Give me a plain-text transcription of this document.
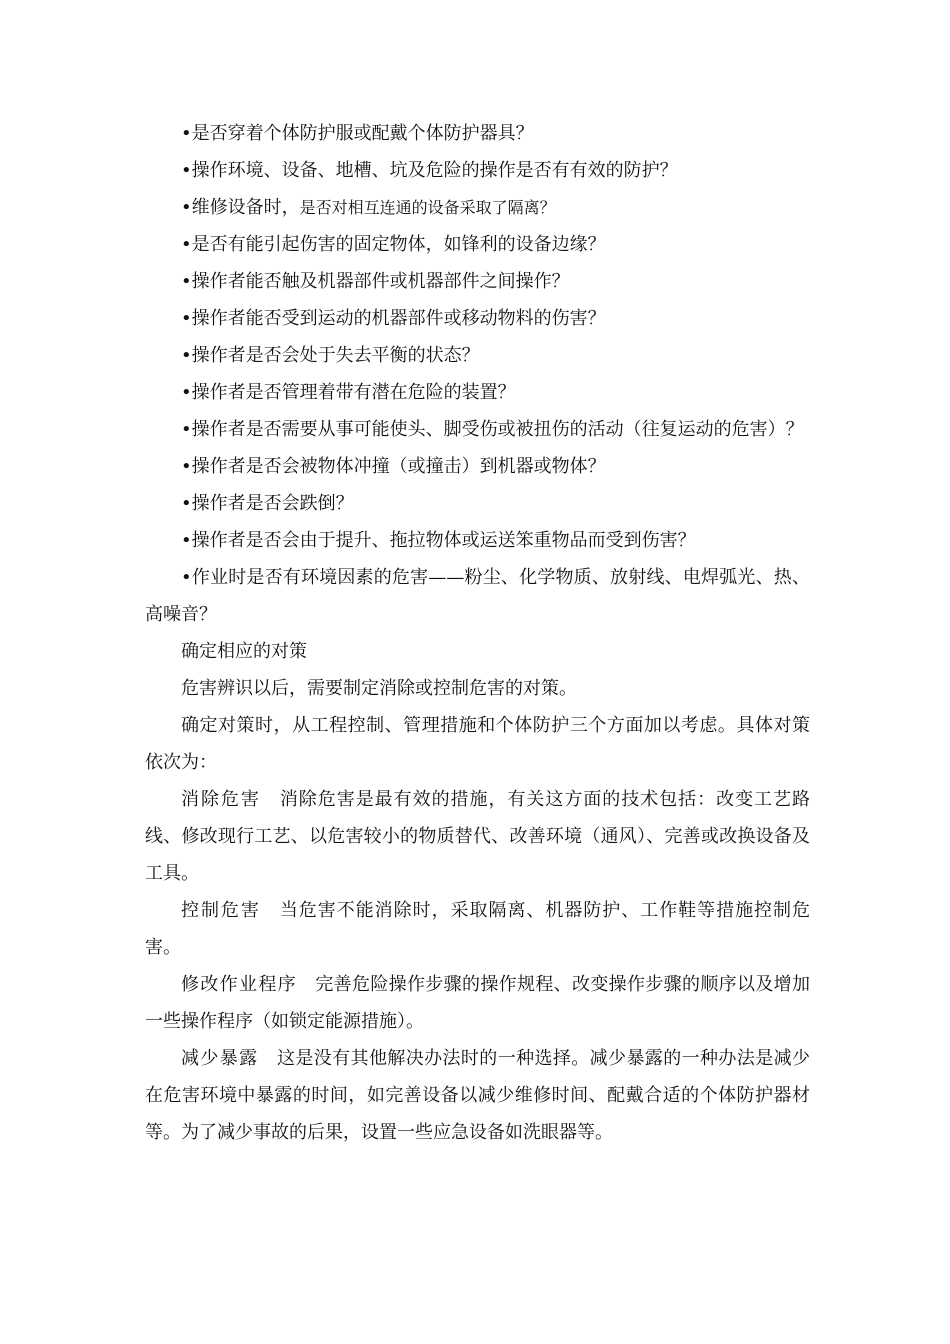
•是否穿着个体防护服或配戴个体防护器具？

•操作环境、设备、地槽、坑及危险的操作是否有有效的防护？

•维修设备时，是否对相互连通的设备采取了隔离？

•是否有能引起伤害的固定物体，如锋利的设备边缘？

•操作者能否触及机器部件或机器部件之间操作？

•操作者能否受到运动的机器部件或移动物料的伤害？

•操作者是否会处于失去平衡的状态？

•操作者是否管理着带有潜在危险的装置？

•操作者是否需要从事可能使头、脚受伤或被扭伤的活动（往复运动的危害）？

•操作者是否会被物体冲撞（或撞击）到机器或物体？

•操作者是否会跌倒？

•操作者是否会由于提升、拖拉物体或运送笨重物品而受到伤害？

•作业时是否有环境因素的危害——粉尘、化学物质、放射线、电焊弧光、热、高噪音？

确定相应的对策

危害辨识以后，需要制定消除或控制危害的对策。

确定对策时，从工程控制、管理措施和个体防护三个方面加以考虑。具体对策依次为：

消除危害 消除危害是最有效的措施，有关这方面的技术包括：改变工艺路线、修改现行工艺、以危害较小的物质替代、改善环境（通风）、完善或改换设备及工具。

控制危害 当危害不能消除时，采取隔离、机器防护、工作鞋等措施控制危害。

修改作业程序 完善危险操作步骤的操作规程、改变操作步骤的顺序以及增加一些操作程序（如锁定能源措施）。

减少暴露 这是没有其他解决办法时的一种选择。减少暴露的一种办法是减少在危害环境中暴露的时间，如完善设备以减少维修时间、配戴合适的个体防护器材等。为了减少事故的后果，设置一些应急设备如洗眼器等。
